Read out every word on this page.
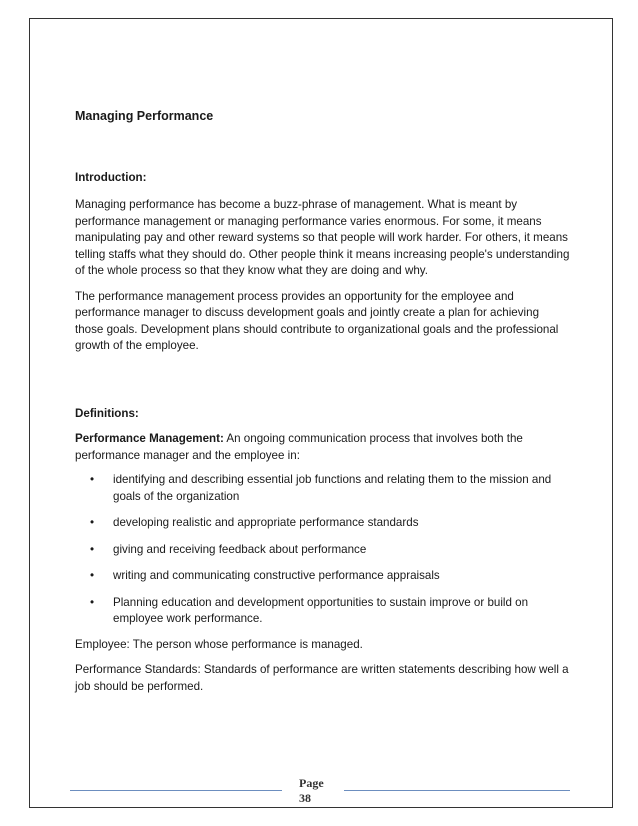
Managing Performance

Introduction:

Managing performance has become a buzz-phrase of management. What is meant by performance management or managing performance varies enormous. For some, it means manipulating pay and other reward systems so that people will work harder. For others, it means telling staffs what they should do. Other people think it means increasing people's understanding of the whole process so that they know what they are doing and why.

The performance management process provides an opportunity for the employee and performance manager to discuss development goals and jointly create a plan for achieving those goals. Development plans should contribute to organizational goals and the professional growth of the employee.

Definitions:

Performance Management: An ongoing communication process that involves both the performance manager and the employee in:

• identifying and describing essential job functions and relating them to the mission and goals of the organization
• developing realistic and appropriate performance standards
• giving and receiving feedback about performance
• writing and communicating constructive performance appraisals
• Planning education and development opportunities to sustain improve or build on employee work performance.

Employee: The person whose performance is managed.

Performance Standards: Standards of performance are written statements describing how well a job should be performed.

Page
38
